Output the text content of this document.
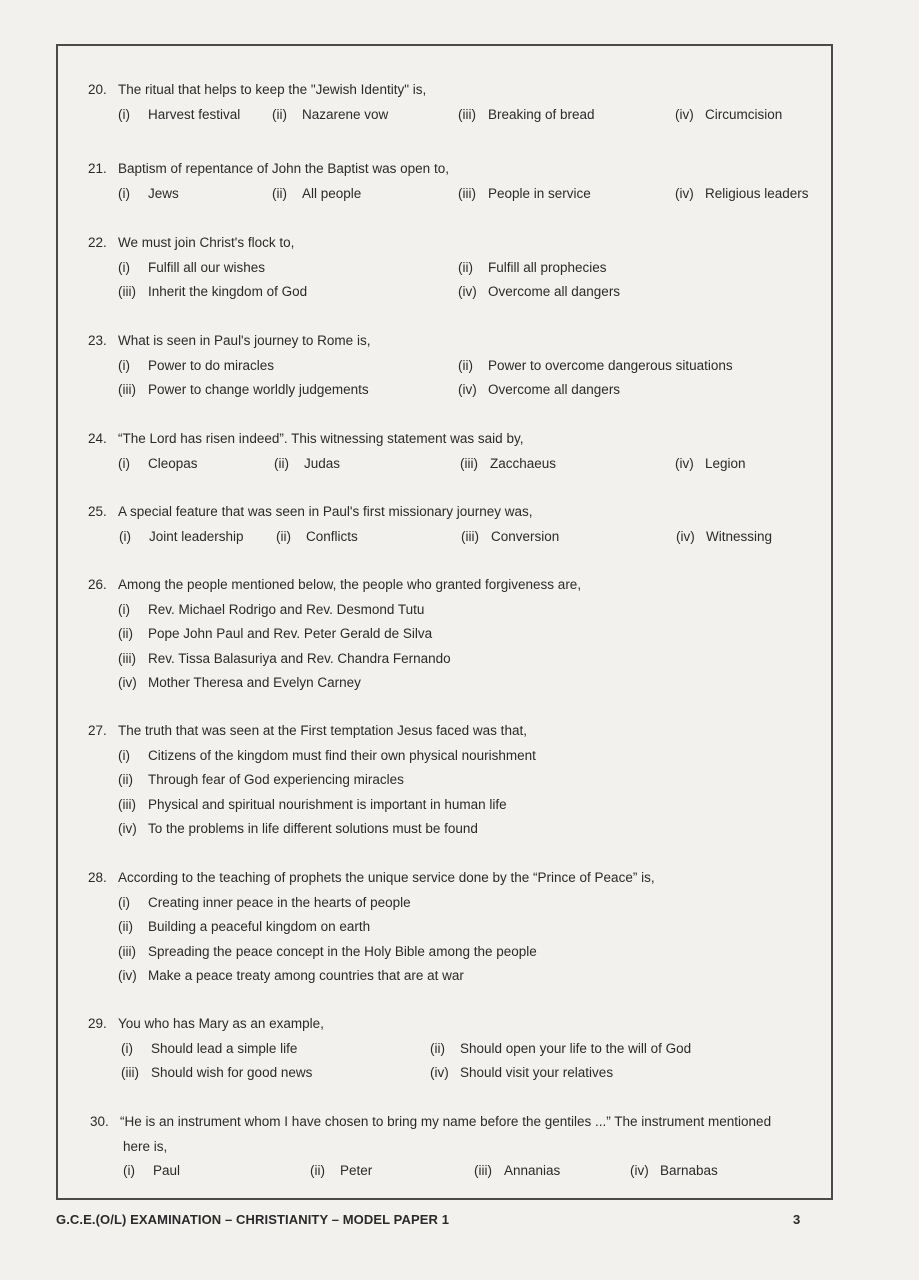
20. The ritual that helps to keep the "Jewish Identity" is,
(i) Harvest festival (ii) Nazarene vow	(iii) Breaking of bread	(iv) Circumcision
21. Baptism of repentance of John the Baptist was open to,
(i) Jews	(ii) All people	(iii) People in service	(iv) Religious leaders
22. We must join Christ's flock to,
(i) Fulfill all our wishes	(ii) Fulfill all prophecies
(iii) Inherit the kingdom of God	(iv) Overcome all dangers
23. What is seen in Paul's journey to Rome is,
(i) Power to do miracles	(ii) Power to overcome dangerous situations
(iii) Power to change worldly judgements	(iv) Overcome all dangers
24. “The Lord has risen indeed”. This witnessing statement was said by,
(i) Cleopas	(ii) Judas	(iii) Zacchaeus	(iv) Legion
25. A special feature that was seen in Paul's first missionary journey was,
(i) Joint leadership (ii) Conflicts	(iii) Conversion	(iv) Witnessing
26. Among the people mentioned below, the people who granted forgiveness are,
(i) Rev. Michael Rodrigo and Rev. Desmond Tutu
(ii) Pope John Paul and Rev. Peter Gerald de Silva
(iii) Rev. Tissa Balasuriya and Rev. Chandra Fernando
(iv) Mother Theresa and Evelyn Carney
27. The truth that was seen at the First temptation Jesus faced was that,
(i) Citizens of the kingdom must find their own physical nourishment
(ii) Through fear of God experiencing miracles
(iii) Physical and spiritual nourishment is important in human life
(iv) To the problems in life different solutions must be found
28. According to the teaching of prophets the unique service done by the “Prince of Peace” is,
(i) Creating inner peace in the hearts of people
(ii) Building a peaceful kingdom on earth
(iii) Spreading the peace concept in the Holy Bible among the people
(iv) Make a peace treaty among countries that are at war
29. You who has Mary as an example,
(i) Should lead a simple life	(ii) Should open your life to the will of God
(iii) Should wish for good news	(iv) Should visit your relatives
30. “He is an instrument whom I have chosen to bring my name before the gentiles ...” The instrument mentioned
here is,
(i) Paul	(ii) Peter	(iii) Annanias	(iv) Barnabas
G.C.E.(O/L) EXAMINATION – CHRISTIANITY – MODEL PAPER 1	3
